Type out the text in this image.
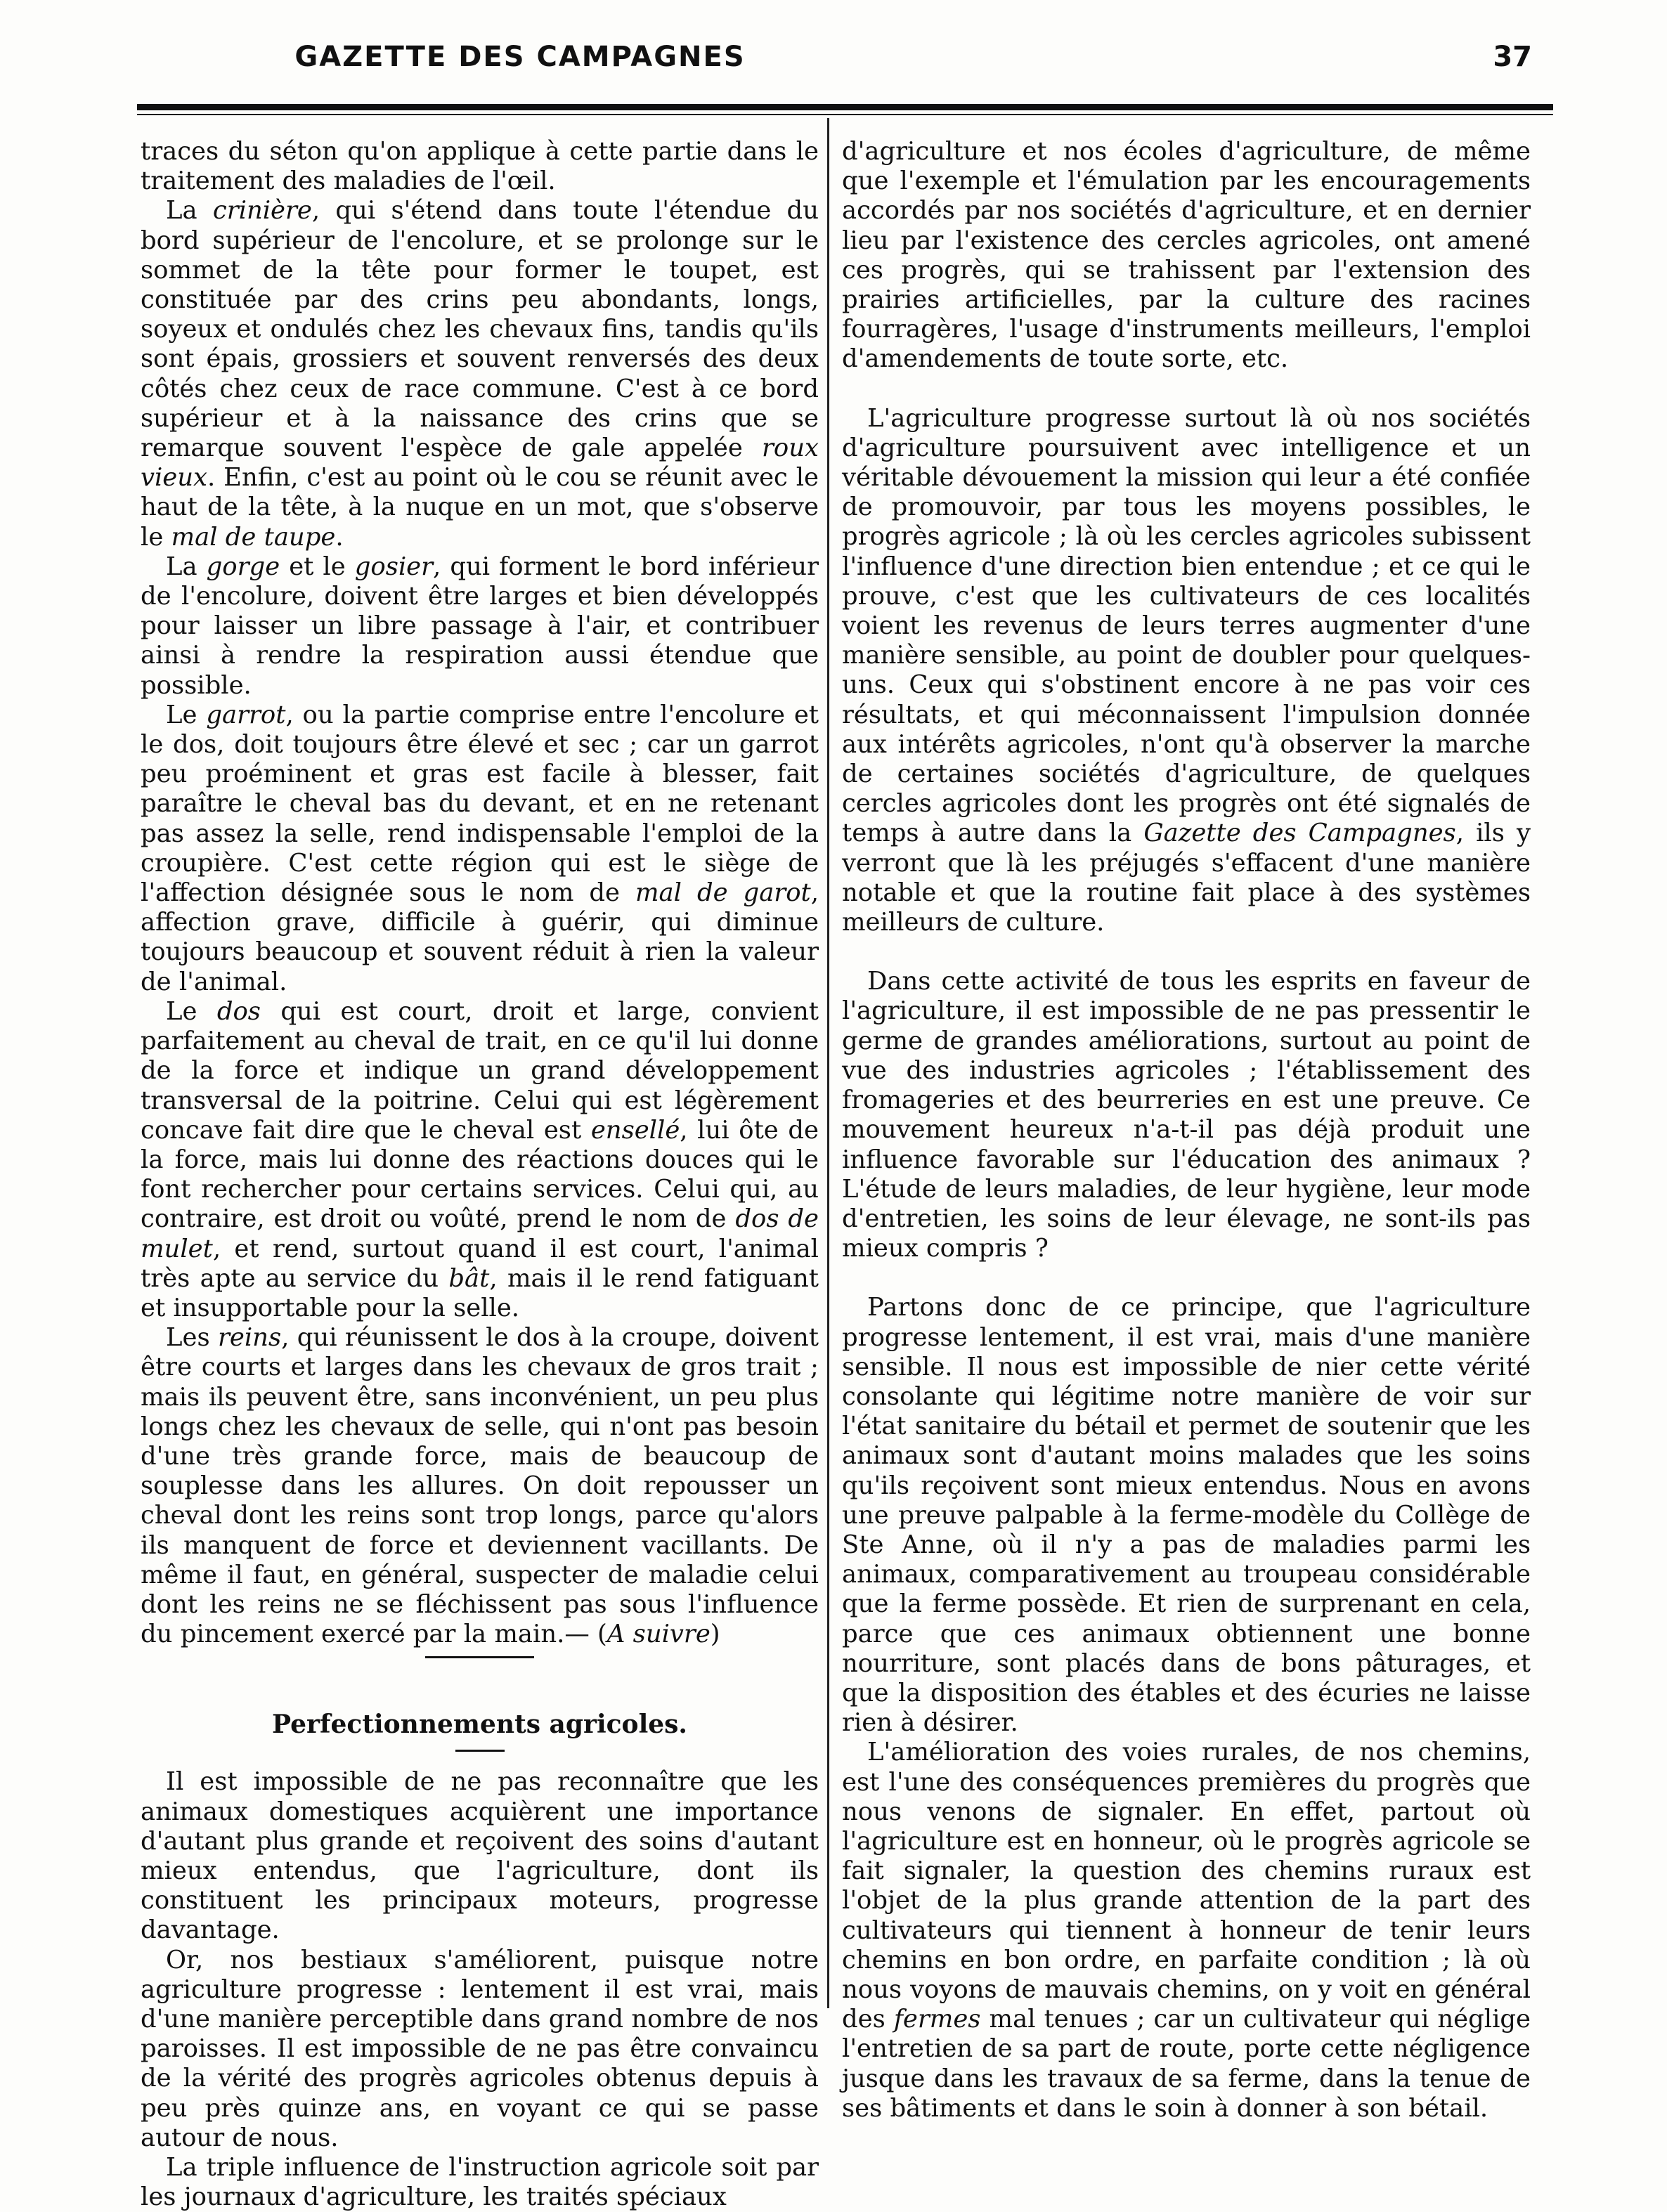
GAZETTE DES CAMPAGNES	37

traces du séton qu'on applique à cette partie dans le traitement des maladies de l'œil.

La crinière, qui s'étend dans toute l'étendue du bord supérieur de l'encolure, et se prolonge sur le sommet de la tête pour former le toupet, est constituée par des crins peu abondants, longs, soyeux et ondulés chez les chevaux fins, tandis qu'ils sont épais, grossiers et souvent renversés des deux côtés chez ceux de race commune. C'est à ce bord supérieur et à la naissance des crins que se remarque souvent l'espèce de gale appelée roux vieux. Enfin, c'est au point où le cou se réunit avec le haut de la tête, à la nuque en un mot, que s'observe le mal de taupe.

La gorge et le gosier, qui forment le bord inférieur de l'encolure, doivent être larges et bien développés pour laisser un libre passage à l'air, et contribuer ainsi à rendre la respiration aussi étendue que possible.

Le garrot, ou la partie comprise entre l'encolure et le dos, doit toujours être élevé et sec ; car un garrot peu proéminent et gras est facile à blesser, fait paraître le cheval bas du devant, et en ne retenant pas assez la selle, rend indispensable l'emploi de la croupière. C'est cette région qui est le siège de l'affection désignée sous le nom de mal de garot, affection grave, difficile à guérir, qui diminue toujours beaucoup et souvent réduit à rien la valeur de l'animal.

Le dos qui est court, droit et large, convient parfaitement au cheval de trait, en ce qu'il lui donne de la force et indique un grand développement transversal de la poitrine. Celui qui est légèrement concave fait dire que le cheval est ensellé, lui ôte de la force, mais lui donne des réactions douces qui le font rechercher pour certains services. Celui qui, au contraire, est droit ou voûté, prend le nom de dos de mulet, et rend, surtout quand il est court, l'animal très apte au service du bât, mais il le rend fatiguant et insupportable pour la selle.

Les reins, qui réunissent le dos à la croupe, doivent être courts et larges dans les chevaux de gros trait ; mais ils peuvent être, sans inconvénient, un peu plus longs chez les chevaux de selle, qui n'ont pas besoin d'une très grande force, mais de beaucoup de souplesse dans les allures. On doit repousser un cheval dont les reins sont trop longs, parce qu'alors ils manquent de force et deviennent vacillants. De même il faut, en général, suspecter de maladie celui dont les reins ne se fléchissent pas sous l'influence du pincement exercé par la main.— (A suivre)

Perfectionnements agricoles.

Il est impossible de ne pas reconnaître que les animaux domestiques acquièrent une importance d'autant plus grande et reçoivent des soins d'autant mieux entendus, que l'agriculture, dont ils constituent les principaux moteurs, progresse davantage.

Or, nos bestiaux s'améliorent, puisque notre agriculture progresse : lentement il est vrai, mais d'une manière perceptible dans grand nombre de nos paroisses. Il est impossible de ne pas être convaincu de la vérité des progrès agricoles obtenus depuis à peu près quinze ans, en voyant ce qui se passe autour de nous.

La triple influence de l'instruction agricole soit par les journaux d'agriculture, les traités spéciaux

d'agriculture et nos écoles d'agriculture, de même que l'exemple et l'émulation par les encouragements accordés par nos sociétés d'agriculture, et en dernier lieu par l'existence des cercles agricoles, ont amené ces progrès, qui se trahissent par l'extension des prairies artificielles, par la culture des racines fourragères, l'usage d'instruments meilleurs, l'emploi d'amendements de toute sorte, etc.

L'agriculture progresse surtout là où nos sociétés d'agriculture poursuivent avec intelligence et un véritable dévouement la mission qui leur a été confiée de promouvoir, par tous les moyens possibles, le progrès agricole ; là où les cercles agricoles subissent l'influence d'une direction bien entendue ; et ce qui le prouve, c'est que les cultivateurs de ces localités voient les revenus de leurs terres augmenter d'une manière sensible, au point de doubler pour quelques-uns. Ceux qui s'obstinent encore à ne pas voir ces résultats, et qui méconnaissent l'impulsion donnée aux intérêts agricoles, n'ont qu'à observer la marche de certaines sociétés d'agriculture, de quelques cercles agricoles dont les progrès ont été signalés de temps à autre dans la Gazette des Campagnes, ils y verront que là les préjugés s'effacent d'une manière notable et que la routine fait place à des systèmes meilleurs de culture.

Dans cette activité de tous les esprits en faveur de l'agriculture, il est impossible de ne pas pressentir le germe de grandes améliorations, surtout au point de vue des industries agricoles ; l'établissement des fromageries et des beurreries en est une preuve. Ce mouvement heureux n'a-t-il pas déjà produit une influence favorable sur l'éducation des animaux ? L'étude de leurs maladies, de leur hygiène, leur mode d'entretien, les soins de leur élevage, ne sont-ils pas mieux compris ?

Partons donc de ce principe, que l'agriculture progresse lentement, il est vrai, mais d'une manière sensible. Il nous est impossible de nier cette vérité consolante qui légitime notre manière de voir sur l'état sanitaire du bétail et permet de soutenir que les animaux sont d'autant moins malades que les soins qu'ils reçoivent sont mieux entendus. Nous en avons une preuve palpable à la ferme-modèle du Collège de Ste Anne, où il n'y a pas de maladies parmi les animaux, comparativement au troupeau considérable que la ferme possède. Et rien de surprenant en cela, parce que ces animaux obtiennent une bonne nourriture, sont placés dans de bons pâturages, et que la disposition des étables et des écuries ne laisse rien à désirer.

L'amélioration des voies rurales, de nos chemins, est l'une des conséquences premières du progrès que nous venons de signaler. En effet, partout où l'agriculture est en honneur, où le progrès agricole se fait signaler, la question des chemins ruraux est l'objet de la plus grande attention de la part des cultivateurs qui tiennent à honneur de tenir leurs chemins en bon ordre, en parfaite condition ; là où nous voyons de mauvais chemins, on y voit en général des fermes mal tenues ; car un cultivateur qui néglige l'entretien de sa part de route, porte cette négligence jusque dans les travaux de sa ferme, dans la tenue de ses bâtiments et dans le soin à donner à son bétail.
